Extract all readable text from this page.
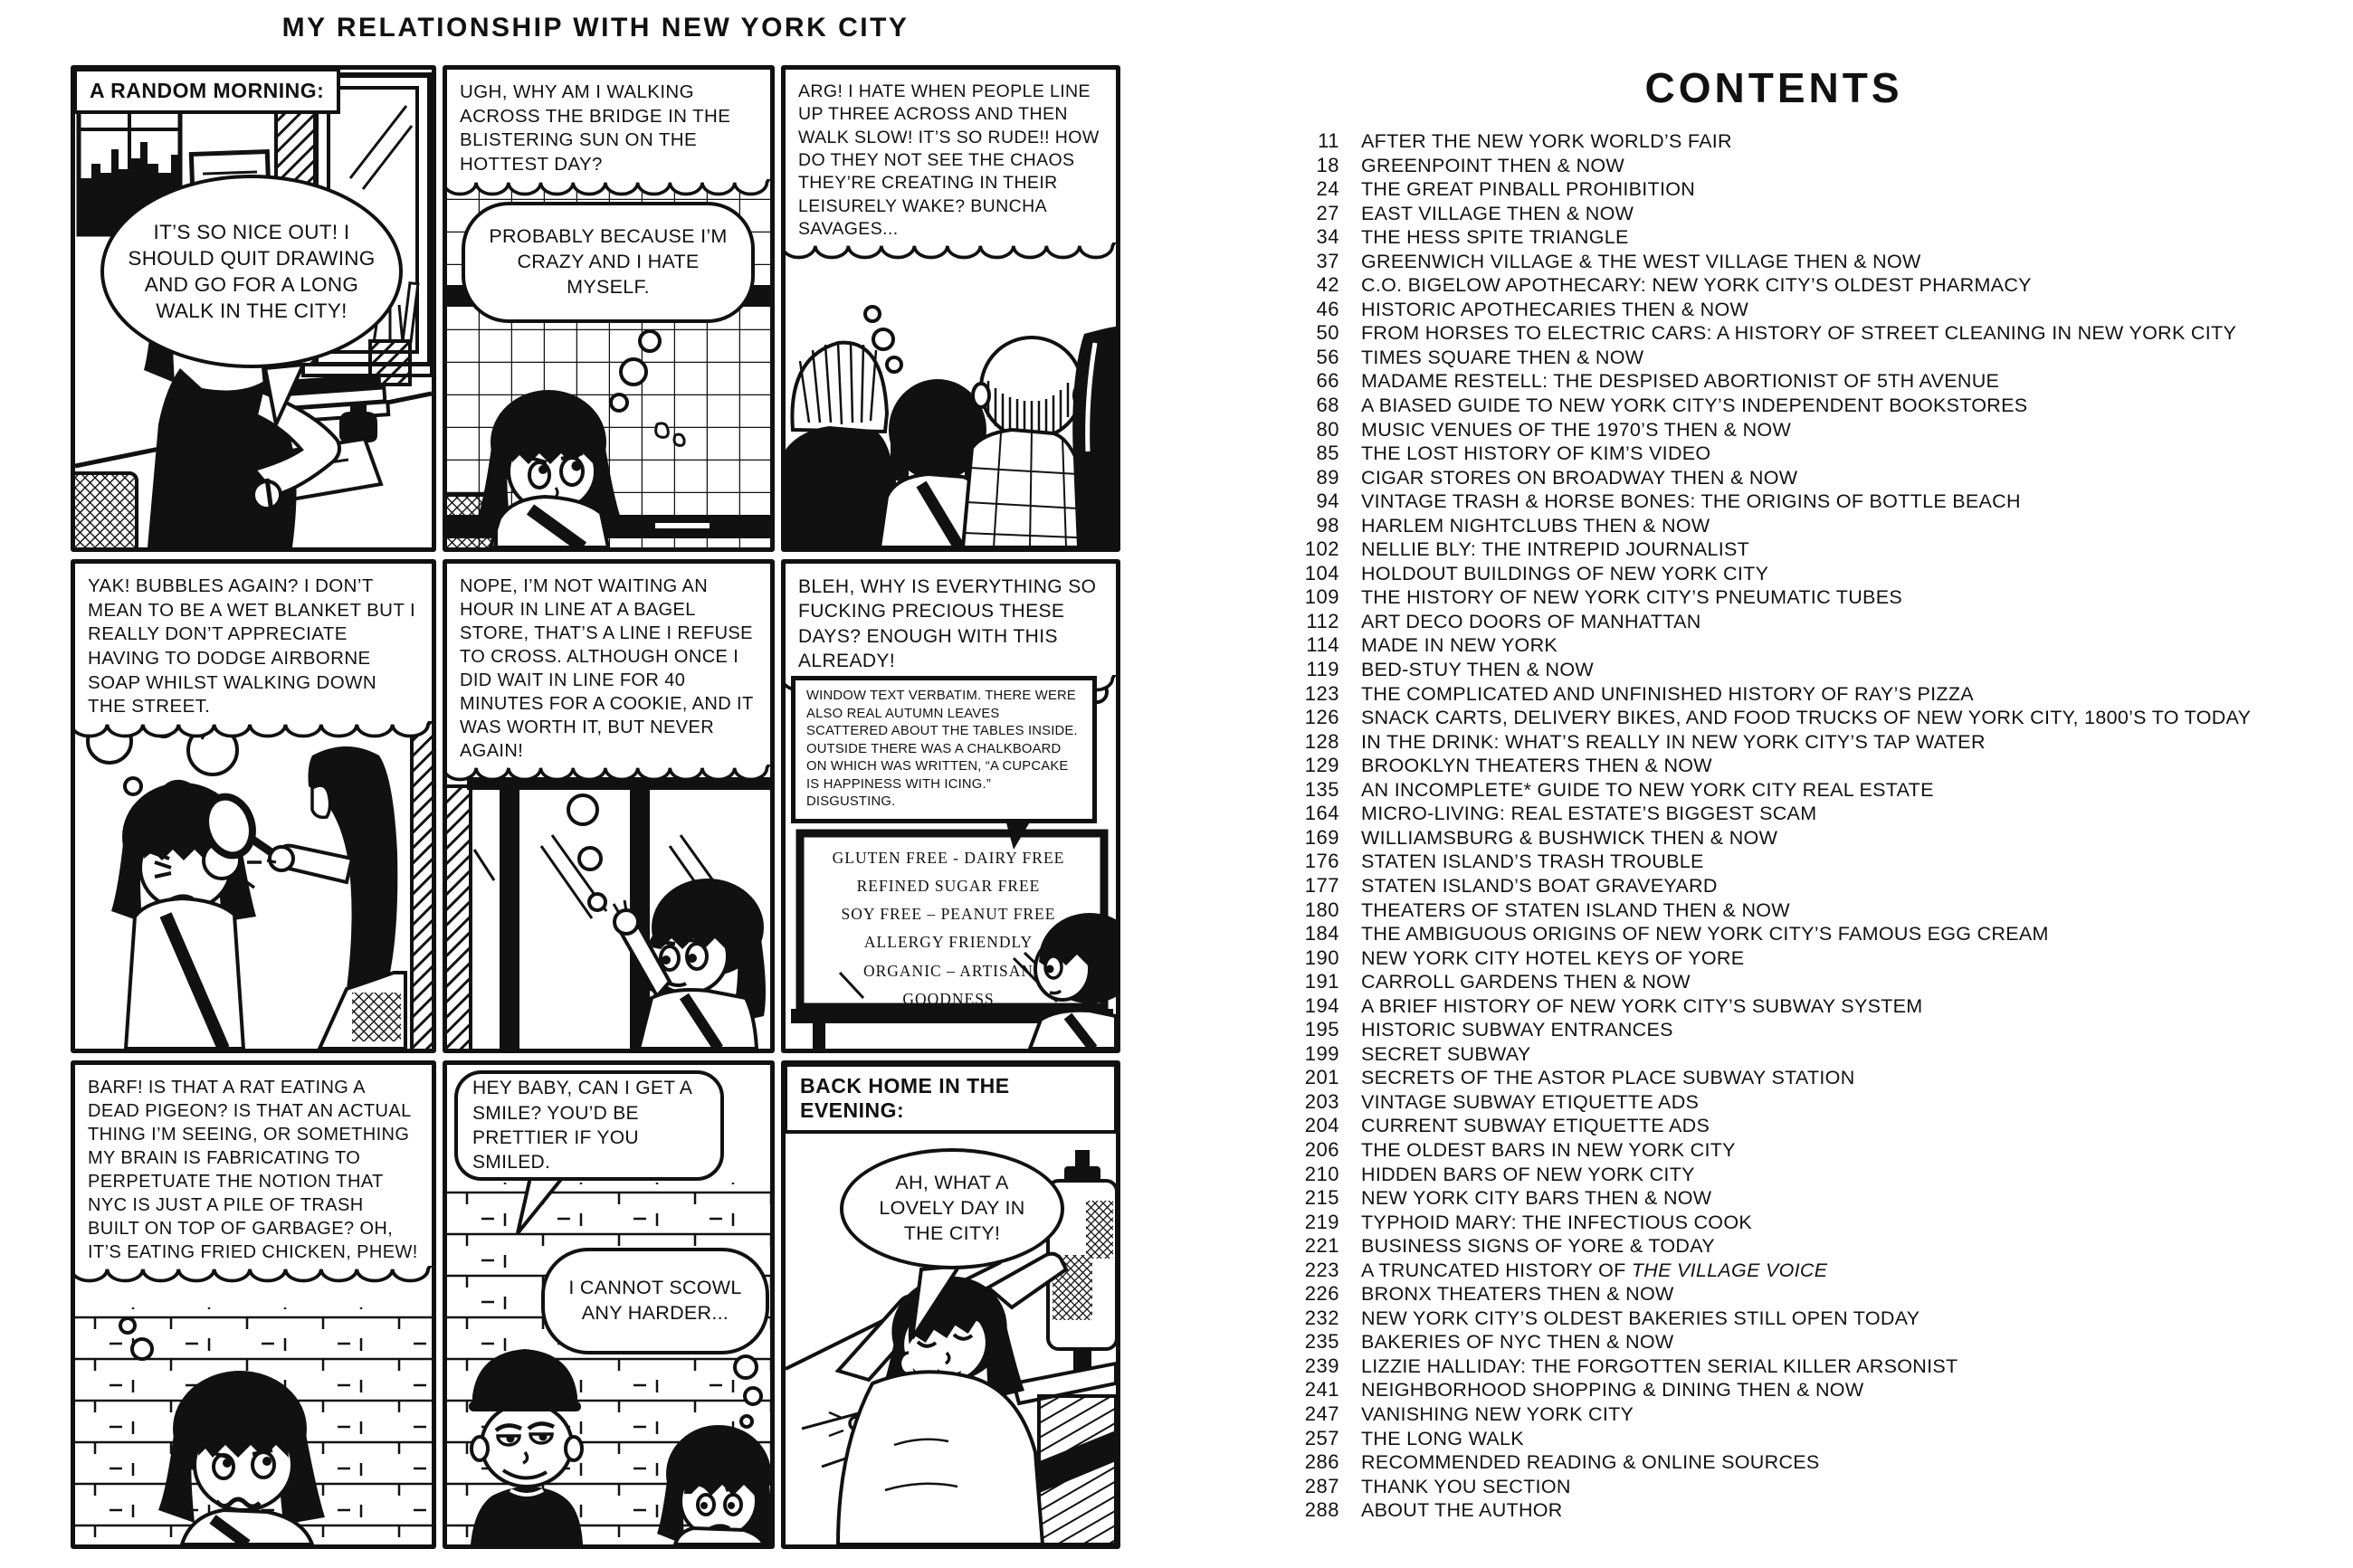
MY RELATIONSHIP WITH NEW YORK CITY
A RANDOM MORNING:
IT’S SO NICE OUT! I SHOULD QUIT DRAWING AND GO FOR A LONG WALK IN THE CITY!
UGH, WHY AM I WALKING ACROSS THE BRIDGE IN THE BLISTERING SUN ON THE HOTTEST DAY?
PROBABLY BECAUSE I’M CRAZY AND I HATE MYSELF.
ARG! I HATE WHEN PEOPLE LINE UP THREE ACROSS AND THEN WALK SLOW! IT’S SO RUDE!! HOW DO THEY NOT SEE THE CHAOS THEY’RE CREATING IN THEIR LEISURELY WAKE? BUNCHA SAVAGES...
YAK! BUBBLES AGAIN? I DON’T MEAN TO BE A WET BLANKET BUT I REALLY DON’T APPRECIATE HAVING TO DODGE AIRBORNE SOAP WHILST WALKING DOWN THE STREET.
NOPE, I’M NOT WAITING AN HOUR IN LINE AT A BAGEL STORE, THAT’S A LINE I REFUSE TO CROSS. ALTHOUGH ONCE I DID WAIT IN LINE FOR 40 MINUTES FOR A COOKIE, AND IT WAS WORTH IT, BUT NEVER AGAIN!
BLEH, WHY IS EVERYTHING SO FUCKING PRECIOUS THESE DAYS? ENOUGH WITH THIS ALREADY!
WINDOW TEXT VERBATIM. THERE WERE ALSO REAL AUTUMN LEAVES SCATTERED ABOUT THE TABLES INSIDE. OUTSIDE THERE WAS A CHALKBOARD ON WHICH WAS WRITTEN, “A CUPCAKE IS HAPPINESS WITH ICING.” DISGUSTING.
GLUTEN FREE - DAIRY FREE
REFINED SUGAR FREE
SOY FREE – PEANUT FREE
ALLERGY FRIENDLY
ORGANIC – ARTISAN
GOODNESS
BARF! IS THAT A RAT EATING A DEAD PIGEON? IS THAT AN ACTUAL THING I’M SEEING, OR SOMETHING MY BRAIN IS FABRICATING TO PERPETUATE THE NOTION THAT NYC IS JUST A PILE OF TRASH BUILT ON TOP OF GARBAGE? OH, IT’S EATING FRIED CHICKEN, PHEW!
HEY BABY, CAN I GET A SMILE? YOU’D BE PRETTIER IF YOU SMILED.
I CANNOT SCOWL ANY HARDER...
BACK HOME IN THE EVENING:
AH, WHAT A LOVELY DAY IN THE CITY!
CONTENTS
11	AFTER THE NEW YORK WORLD’S FAIR
18	GREENPOINT THEN & NOW
24	THE GREAT PINBALL PROHIBITION
27	EAST VILLAGE THEN & NOW
34	THE HESS SPITE TRIANGLE
37	GREENWICH VILLAGE & THE WEST VILLAGE THEN & NOW
42	C.O. BIGELOW APOTHECARY: NEW YORK CITY’S OLDEST PHARMACY
46	HISTORIC APOTHECARIES THEN & NOW
50	FROM HORSES TO ELECTRIC CARS: A HISTORY OF STREET CLEANING IN NEW YORK CITY
56	TIMES SQUARE THEN & NOW
66	MADAME RESTELL: THE DESPISED ABORTIONIST OF 5TH AVENUE
68	A BIASED GUIDE TO NEW YORK CITY’S INDEPENDENT BOOKSTORES
80	MUSIC VENUES OF THE 1970’S THEN & NOW
85	THE LOST HISTORY OF KIM’S VIDEO
89	CIGAR STORES ON BROADWAY THEN & NOW
94	VINTAGE TRASH & HORSE BONES: THE ORIGINS OF BOTTLE BEACH
98	HARLEM NIGHTCLUBS THEN & NOW
102	NELLIE BLY: THE INTREPID JOURNALIST
104	HOLDOUT BUILDINGS OF NEW YORK CITY
109	THE HISTORY OF NEW YORK CITY’S PNEUMATIC TUBES
112	ART DECO DOORS OF MANHATTAN
114	MADE IN NEW YORK
119	BED-STUY THEN & NOW
123	THE COMPLICATED AND UNFINISHED HISTORY OF RAY’S PIZZA
126	SNACK CARTS, DELIVERY BIKES, AND FOOD TRUCKS OF NEW YORK CITY, 1800’S TO TODAY
128	IN THE DRINK: WHAT’S REALLY IN NEW YORK CITY’S TAP WATER
129	BROOKLYN THEATERS THEN & NOW
135	AN INCOMPLETE* GUIDE TO NEW YORK CITY REAL ESTATE
164	MICRO-LIVING: REAL ESTATE’S BIGGEST SCAM
169	WILLIAMSBURG & BUSHWICK THEN & NOW
176	STATEN ISLAND’S TRASH TROUBLE
177	STATEN ISLAND’S BOAT GRAVEYARD
180	THEATERS OF STATEN ISLAND THEN & NOW
184	THE AMBIGUOUS ORIGINS OF NEW YORK CITY’S FAMOUS EGG CREAM
190	NEW YORK CITY HOTEL KEYS OF YORE
191	CARROLL GARDENS THEN & NOW
194	A BRIEF HISTORY OF NEW YORK CITY’S SUBWAY SYSTEM
195	HISTORIC SUBWAY ENTRANCES
199	SECRET SUBWAY
201	SECRETS OF THE ASTOR PLACE SUBWAY STATION
203	VINTAGE SUBWAY ETIQUETTE ADS
204	CURRENT SUBWAY ETIQUETTE ADS
206	THE OLDEST BARS IN NEW YORK CITY
210	HIDDEN BARS OF NEW YORK CITY
215	NEW YORK CITY BARS THEN & NOW
219	TYPHOID MARY: THE INFECTIOUS COOK
221	BUSINESS SIGNS OF YORE & TODAY
223	A TRUNCATED HISTORY OF THE VILLAGE VOICE
226	BRONX THEATERS THEN & NOW
232	NEW YORK CITY’S OLDEST BAKERIES STILL OPEN TODAY
235	BAKERIES OF NYC THEN & NOW
239	LIZZIE HALLIDAY: THE FORGOTTEN SERIAL KILLER ARSONIST
241	NEIGHBORHOOD SHOPPING & DINING THEN & NOW
247	VANISHING NEW YORK CITY
257	THE LONG WALK
286	RECOMMENDED READING & ONLINE SOURCES
287	THANK YOU SECTION
288	ABOUT THE AUTHOR
